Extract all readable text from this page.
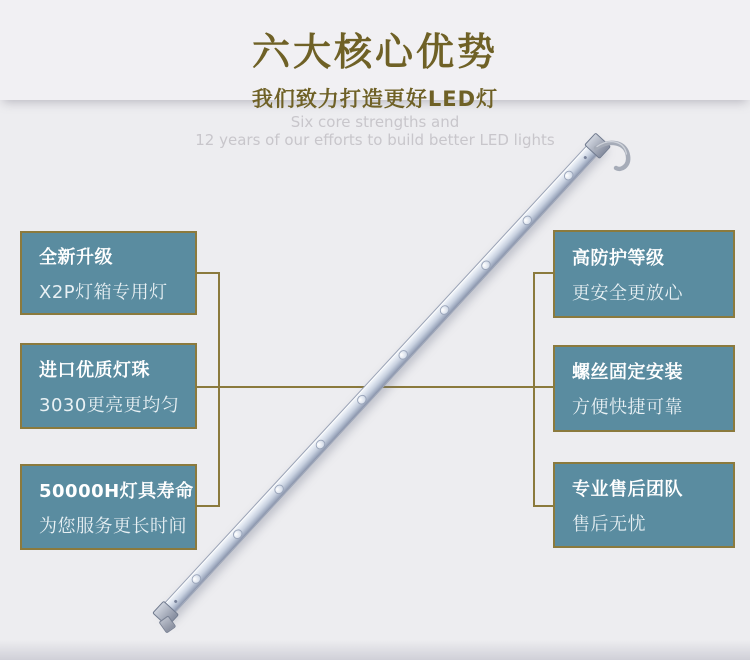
六大核心优势
我们致力打造更好LED灯
Six core strengths and
12 years of our efforts to build better LED lights
全新升级
X2P灯箱专用灯
进口优质灯珠
3030更亮更均匀
50000H灯具寿命
为您服务更长时间
高防护等级
更安全更放心
螺丝固定安装
方便快捷可靠
专业售后团队
售后无忧
